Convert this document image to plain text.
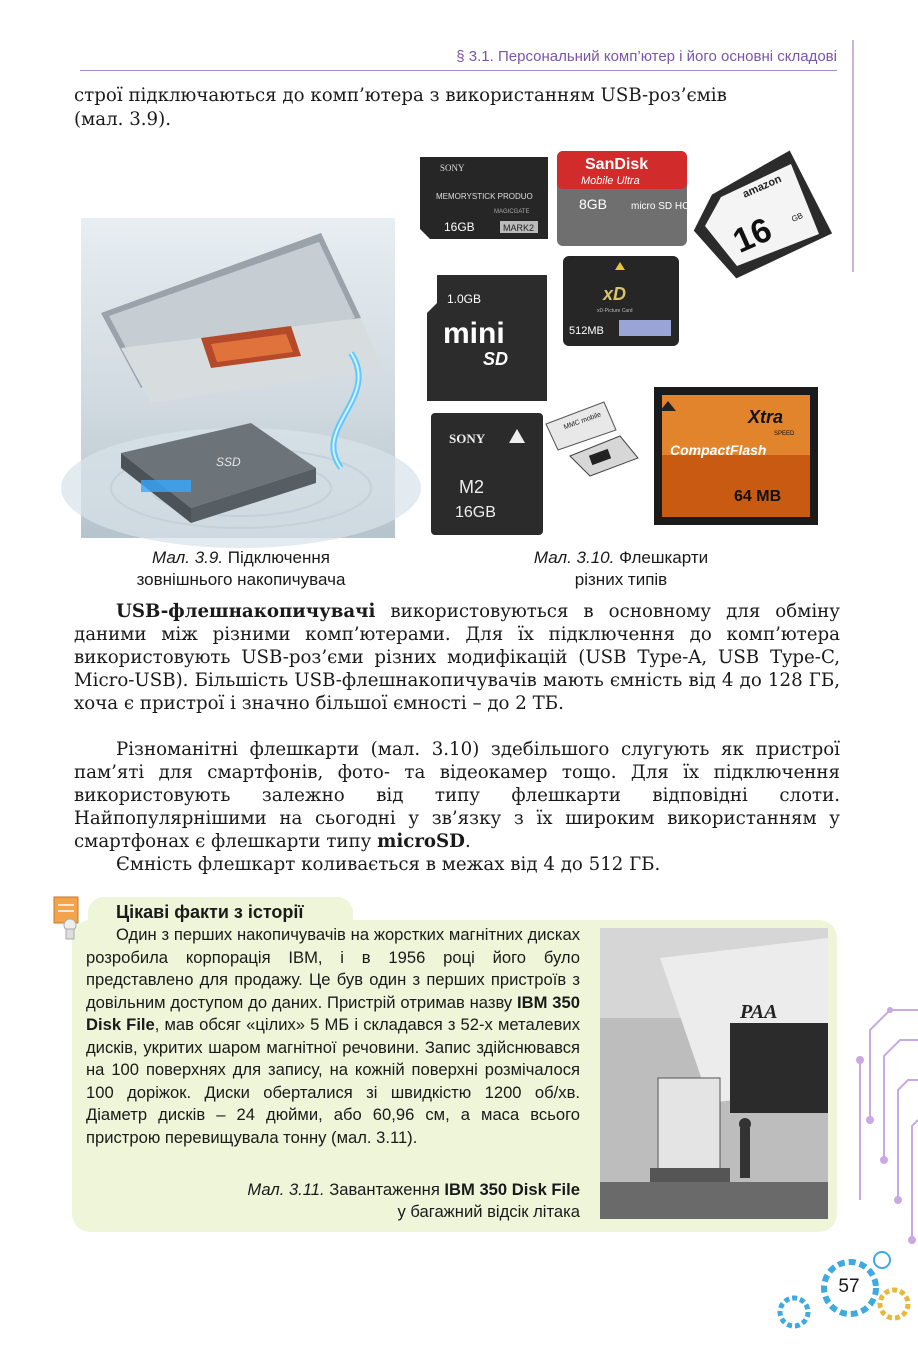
§ 3.1. Персональний комп’ютер і його основні складові

строї підключаються до комп’ютера з використанням USB-роз’ємів

(мал. 3.9).

SSD
SONY
MEMORYSTICK PRODUO
MAGICGATE
16GB	MARK2
SanDisk
Mobile Ultra
8GB micro SD HC I
amazon
16 GB
1.0GB
mini
SD
xD
xD-Picture Card
512MB
SONY
M2
16GB
MMC mobile	Xtra
SPEED
CompactFlash
64 MB
Мал. 3.9. Підключення
зовнішнього накопичувача
Мал. 3.10. Флешкарти
різних типів

USB-флешнакопичувачі використовуються в основному для обміну даними між різними комп’ютерами. Для їх підключення до комп’ютера використовують USB-роз’єми різних модифікацій (USB Type-A, USB Type-C, Micro-USB). Більшість USB-флешнакопичувачів мають ємність від 4 до 128 ГБ, хоча є пристрої і значно більшої ємності – до 2 ТБ.

Різноманітні флешкарти (мал. 3.10) здебільшого слугують як пристрої пам’яті для смартфонів, фото- та відеокамер тощо. Для їх підключення використовують залежно від типу флешкарти відповідні слоти. Найпопулярнішими на сьогодні у зв’язку з їх широким використанням у смартфонах є флешкарти типу microSD.

Ємність флешкарт коливається в межах від 4 до 512 ГБ.

Цікаві факти з історії

Один з перших накопичувачів на жорстких магнітних дисках розробила корпорація IBM, і в 1956 році його було представлено для продажу. Це був один з перших пристроїв з довільним доступом до даних. Пристрій отримав назву IBM 350 Disk File, мав обсяг «цілих» 5 МБ і складався з 52-х металевих дисків, укритих шаром магнітної речовини. Запис здійснювався на 100 поверхнях для запису, на кожній поверхні розмічалося 100 доріжок. Диски оберталися зі швидкістю 1200 об/хв. Діаметр дисків – 24 дюйми, або 60,96 см, а маса всього пристрою перевищувала тонну (мал. 3.11).

PAA
Мал. 3.11. Завантаження IBM 350 Disk File
у багажний відсік літака
57
